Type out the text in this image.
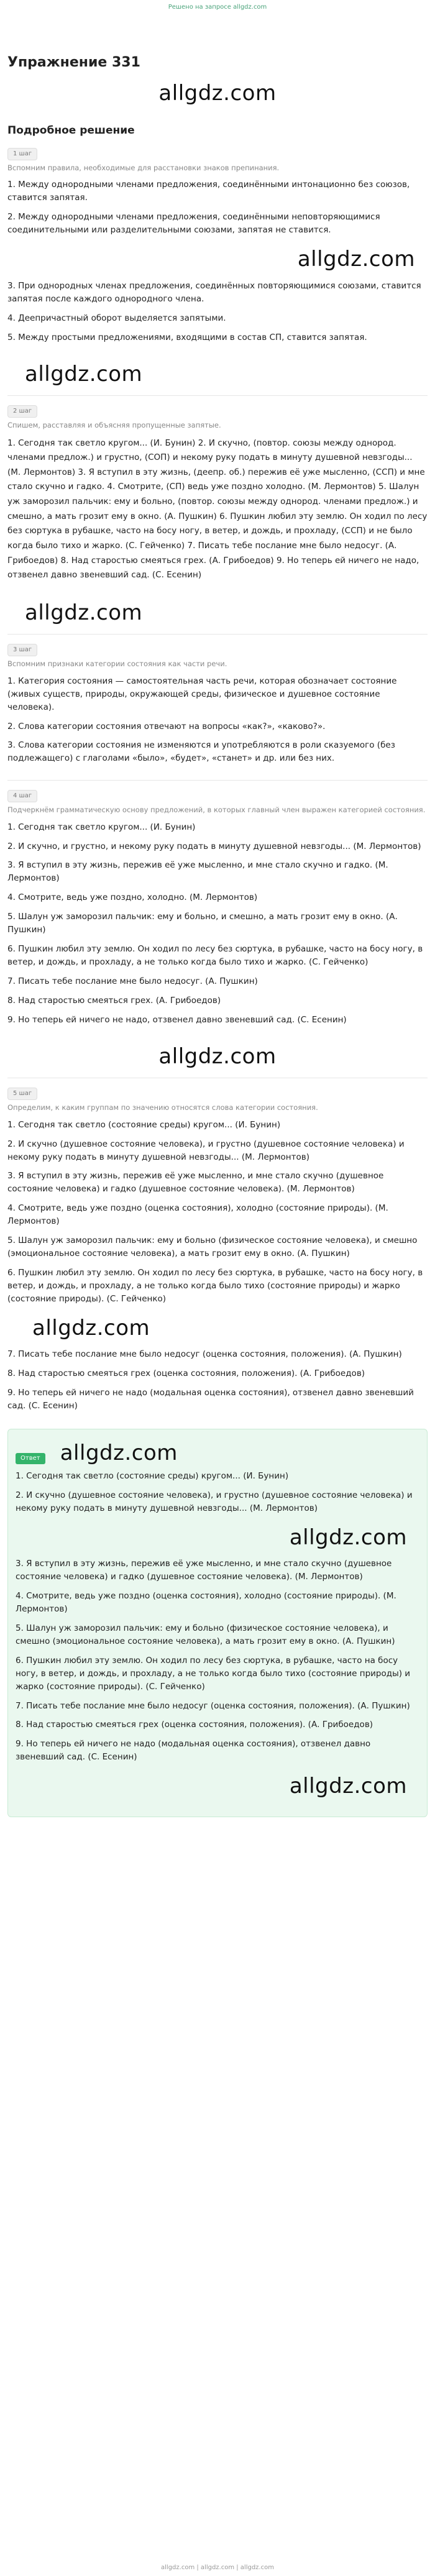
Решено на запросе allgdz.com
Упражнение 331
allgdz.com
Подробное решение
1 шаг
Вспомним правила, необходимые для расстановки знаков препинания.
1. Между однородными членами предложения, соединёнными интонационно без союзов, ставится запятая.
2. Между однородными членами предложения, соединёнными неповторяющимися соединительными или разделительными союзами, запятая не ставится.
allgdz.com
3. При однородных членах предложения, соединённых повторяющимися союзами, ставится запятая после каждого однородного члена.
4. Деепричастный оборот выделяется запятыми.
5. Между простыми предложениями, входящими в состав СП, ставится запятая.
allgdz.com
2 шаг
Спишем, расставляя и объясняя пропущенные запятые.
1. Сегодня так светло кругом... (И. Бунин) 2. И скучно, (повтор. союзы между однород. членами предлож.) и грустно, (СОП) и некому руку подать в минуту душевной невзгоды... (М. Лермонтов) 3. Я вступил в эту жизнь, (деепр. об.) пережив её уже мысленно, (ССП) и мне стало скучно и гадко. 4. Смотрите, (СП) ведь уже поздно холодно. (М. Лермонтов) 5. Шалун уж заморозил пальчик: ему и больно, (повтор. союзы между однород. членами предлож.) и смешно, а мать грозит ему в окно. (А. Пушкин) 6. Пушкин любил эту землю. Он ходил по лесу без сюртука в рубашке, часто на босу ногу, в ветер, и дождь, и прохладу, (ССП) и не было когда было тихо и жарко. (С. Гейченко) 7. Писать тебе послание мне было недосуг. (А. Грибоедов) 8. Над старостью смеяться грех. (А. Грибоедов) 9. Но теперь ей ничего не надо, отзвенел давно звеневший сад. (С. Есенин)
allgdz.com
3 шаг
Вспомним признаки категории состояния как части речи.
1. Категория состояния — самостоятельная часть речи, которая обозначает состояние (живых существ, природы, окружающей среды, физическое и душевное состояние человека).
2. Слова категории состояния отвечают на вопросы «как?», «каково?».
3. Слова категории состояния не изменяются и употребляются в роли сказуемого (без подлежащего) с глаголами «было», «будет», «станет» и др. или без них.
4 шаг
Подчеркнём грамматическую основу предложений, в которых главный член выражен категорией состояния.
1. Сегодня так светло кругом... (И. Бунин)
2. И скучно, и грустно, и некому руку подать в минуту душевной невзгоды... (М. Лермонтов)
3. Я вступил в эту жизнь, пережив её уже мысленно, и мне стало скучно и гадко. (М. Лермонтов)
4. Смотрите, ведь уже поздно, холодно. (М. Лермонтов)
5. Шалун уж заморозил пальчик: ему и больно, и смешно, а мать грозит ему в окно. (А. Пушкин)
6. Пушкин любил эту землю. Он ходил по лесу без сюртука, в рубашке, часто на босу ногу, в ветер, и дождь, и прохладу, а не только когда было тихо и жарко. (С. Гейченко)
7. Писать тебе послание мне было недосуг. (А. Пушкин)
8. Над старостью смеяться грех. (А. Грибоедов)
9. Но теперь ей ничего не надо, отзвенел давно звеневший сад. (С. Есенин)
allgdz.com
5 шаг
Определим, к каким группам по значению относятся слова категории состояния.
1. Сегодня так светло (состояние среды) кругом... (И. Бунин)
2. И скучно (душевное состояние человека), и грустно (душевное состояние человека) и некому руку подать в минуту душевной невзгоды... (М. Лермонтов)
3. Я вступил в эту жизнь, пережив её уже мысленно, и мне стало скучно (душевное состояние человека) и гадко (душевное состояние человека). (М. Лермонтов)
4. Смотрите, ведь уже поздно (оценка состояния), холодно (состояние природы). (М. Лермонтов)
5. Шалун уж заморозил пальчик: ему и больно (физическое состояние человека), и смешно (эмоциональное состояние человека), а мать грозит ему в окно. (А. Пушкин)
6. Пушкин любил эту землю. Он ходил по лесу без сюртука, в рубашке, часто на босу ногу, в ветер, и дождь, и прохладу, а не только когда было тихо (состояние природы) и жарко (состояние природы). (С. Гейченко)
allgdz.com
7. Писать тебе послание мне было недосуг (оценка состояния, положения). (А. Пушкин)
8. Над старостью смеяться грех (оценка состояния, положения). (А. Грибоедов)
9. Но теперь ей ничего не надо (модальная оценка состояния), отзвенел давно звеневший сад. (С. Есенин)
Ответ allgdz.com
1. Сегодня так светло (состояние среды) кругом... (И. Бунин)
2. И скучно (душевное состояние человека), и грустно (душевное состояние человека) и некому руку подать в минуту душевной невзгоды... (М. Лермонтов)
allgdz.com
3. Я вступил в эту жизнь, пережив её уже мысленно, и мне стало скучно (душевное состояние человека) и гадко (душевное состояние человека). (М. Лермонтов)
4. Смотрите, ведь уже поздно (оценка состояния), холодно (состояние природы). (М. Лермонтов)
5. Шалун уж заморозил пальчик: ему и больно (физическое состояние человека), и смешно (эмоциональное состояние человека), а мать грозит ему в окно. (А. Пушкин)
6. Пушкин любил эту землю. Он ходил по лесу без сюртука, в рубашке, часто на босу ногу, в ветер, и дождь, и прохладу, а не только когда было тихо (состояние природы) и жарко (состояние природы). (С. Гейченко)
7. Писать тебе послание мне было недосуг (оценка состояния, положения). (А. Пушкин)
8. Над старостью смеяться грех (оценка состояния, положения). (А. Грибоедов)
9. Но теперь ей ничего не надо (модальная оценка состояния), отзвенел давно звеневший сад. (С. Есенин)
allgdz.com
allgdz.com | allgdz.com | allgdz.com
